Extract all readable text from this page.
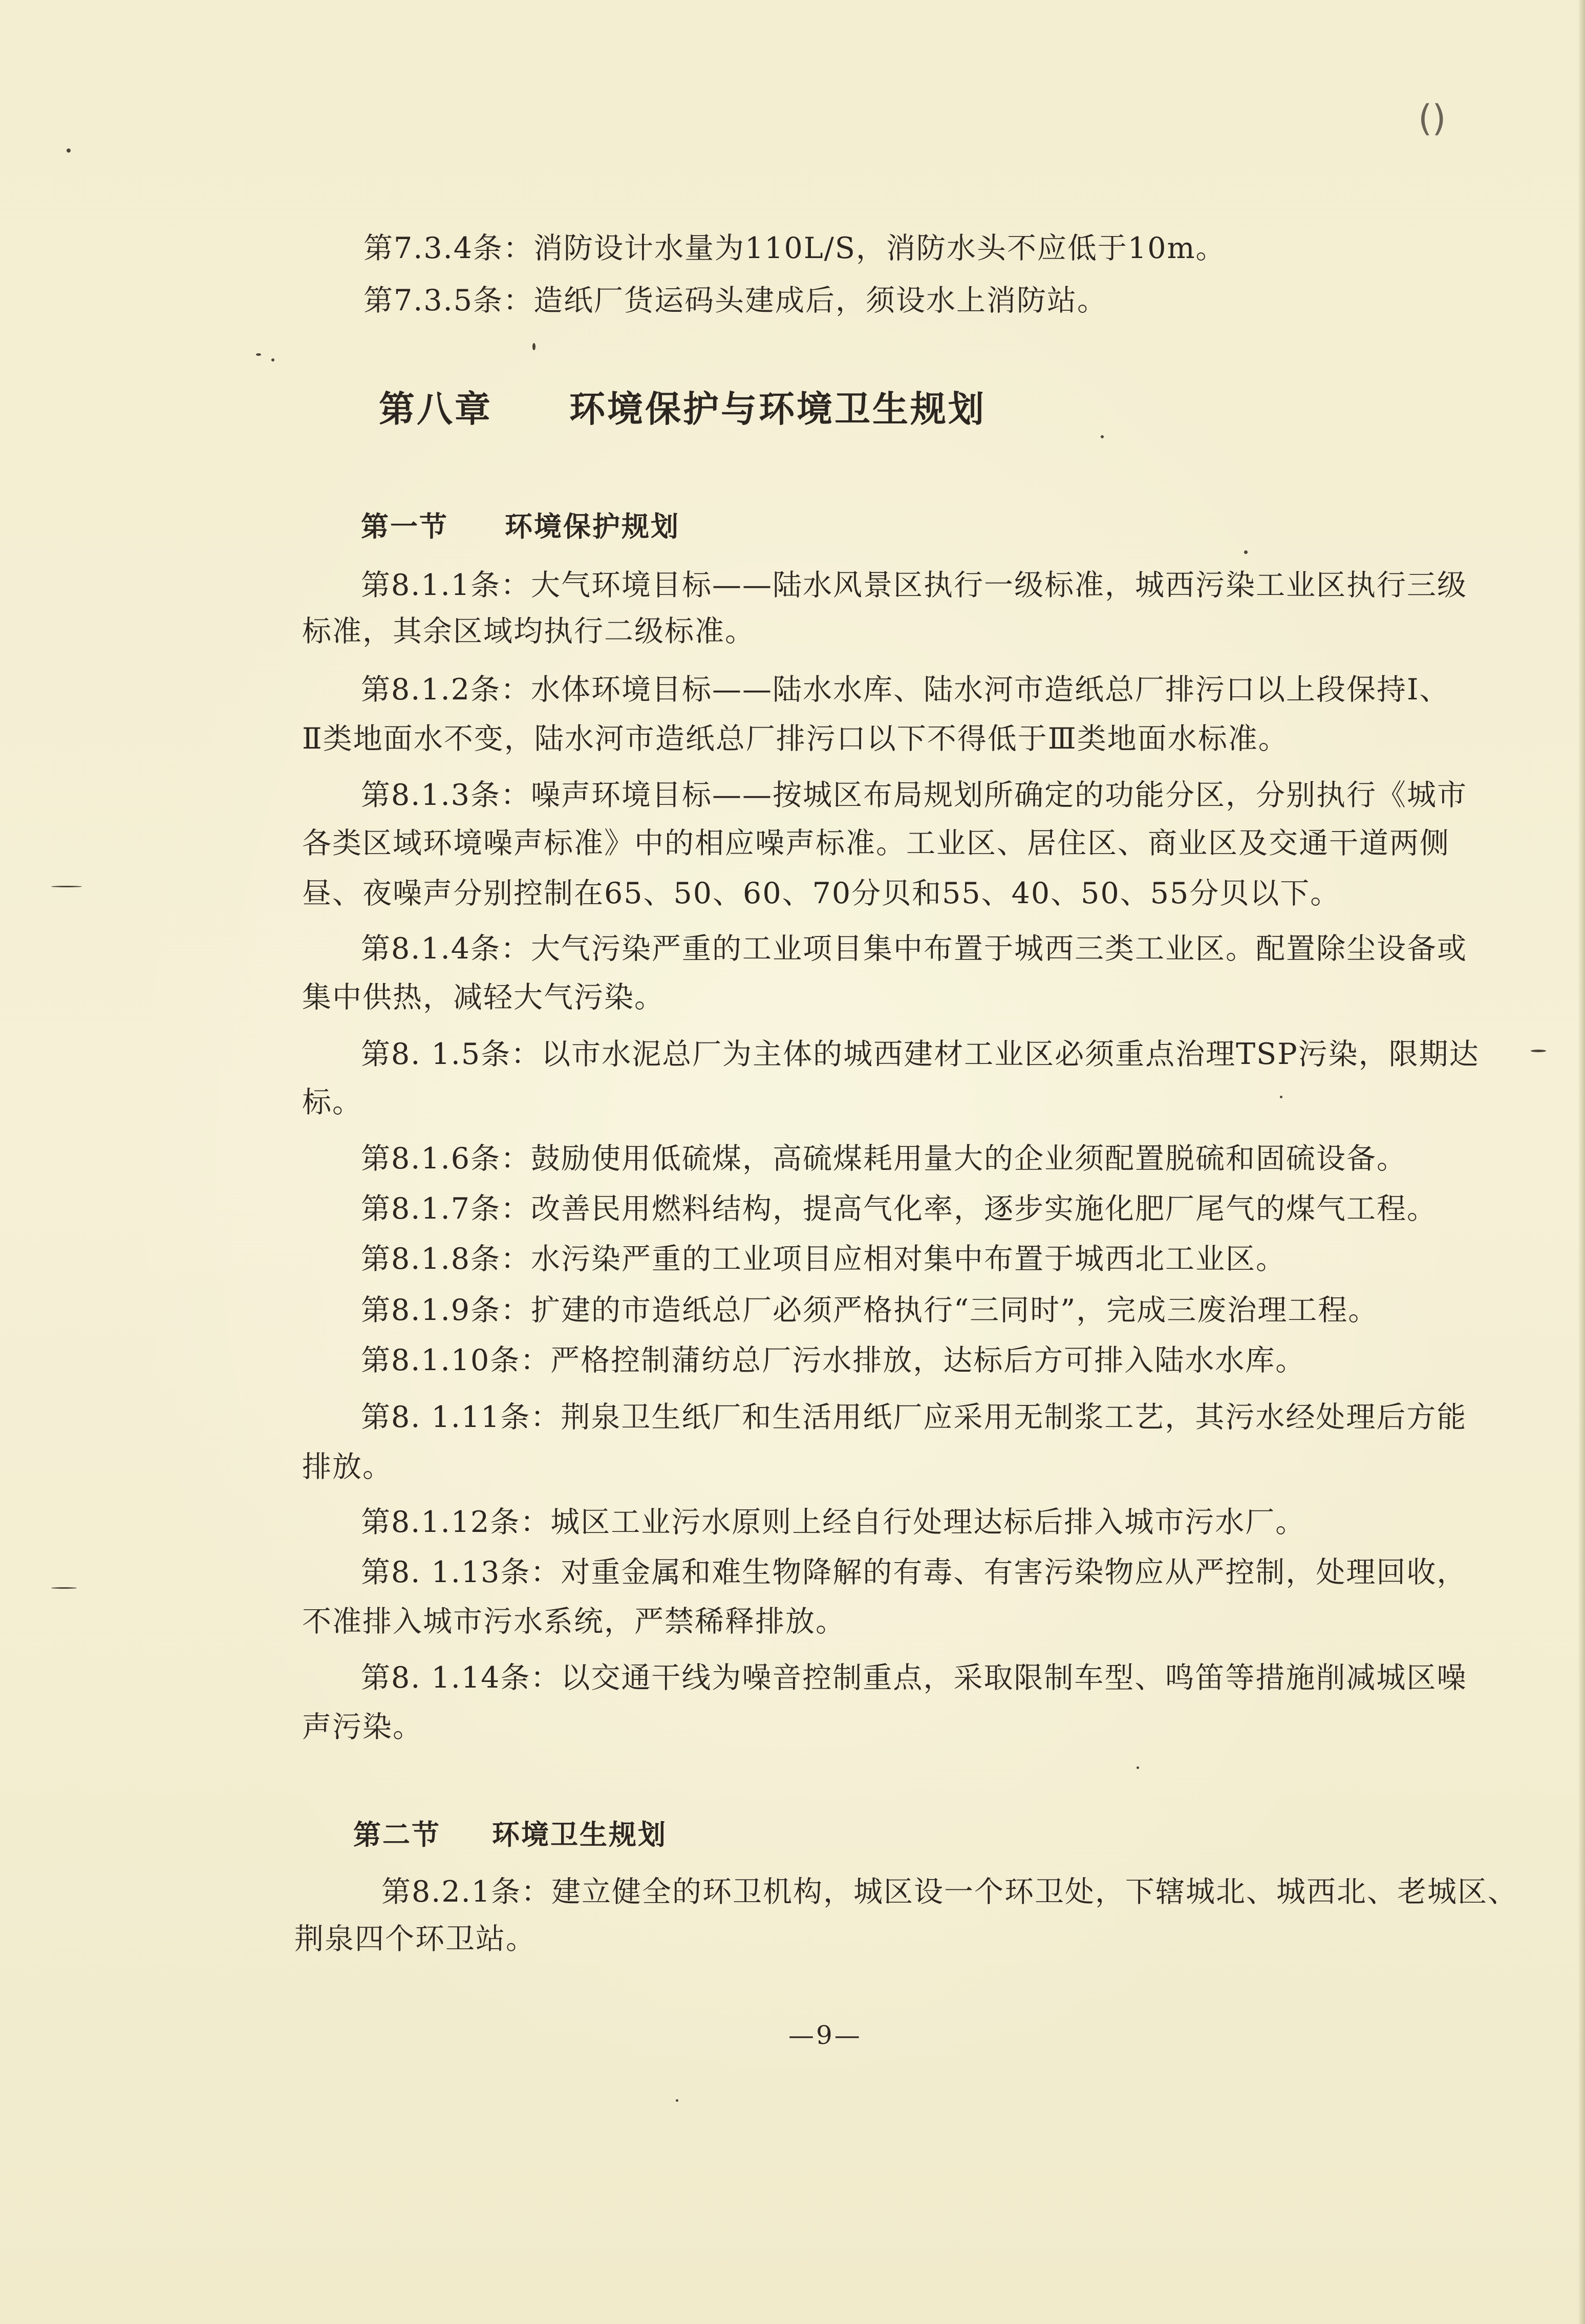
()
第7.3.4条：消防设计水量为110L/S，消防水头不应低于10m。
第7.3.5条：造纸厂货运码头建成后，须设水上消防站。
第八章 环境保护与环境卫生规划
第一节 环境保护规划
第8.1.1条：大气环境目标——陆水风景区执行一级标准，城西污染工业区执行三级
标准，其余区域均执行二级标准。
第8.1.2条：水体环境目标——陆水水库、陆水河市造纸总厂排污口以上段保持Ⅰ、
Ⅱ类地面水不变，陆水河市造纸总厂排污口以下不得低于Ⅲ类地面水标准。
第8.1.3条：噪声环境目标——按城区布局规划所确定的功能分区，分别执行《城市
各类区域环境噪声标准》中的相应噪声标准。工业区、居住区、商业区及交通干道两侧
昼、夜噪声分别控制在65、50、60、70分贝和55、40、50、55分贝以下。
第8.1.4条：大气污染严重的工业项目集中布置于城西三类工业区。配置除尘设备或
集中供热，减轻大气污染。
第8. 1.5条：以市水泥总厂为主体的城西建材工业区必须重点治理TSP污染，限期达
标。
第8.1.6条：鼓励使用低硫煤，高硫煤耗用量大的企业须配置脱硫和固硫设备。
第8.1.7条：改善民用燃料结构，提高气化率，逐步实施化肥厂尾气的煤气工程。
第8.1.8条：水污染严重的工业项目应相对集中布置于城西北工业区。
第8.1.9条：扩建的市造纸总厂必须严格执行“三同时”，完成三废治理工程。
第8.1.10条：严格控制蒲纺总厂污水排放，达标后方可排入陆水水库。
第8. 1.11条：荆泉卫生纸厂和生活用纸厂应采用无制浆工艺，其污水经处理后方能
排放。
第8.1.12条：城区工业污水原则上经自行处理达标后排入城市污水厂。
第8. 1.13条：对重金属和难生物降解的有毒、有害污染物应从严控制，处理回收，
不准排入城市污水系统，严禁稀释排放。
第8. 1.14条：以交通干线为噪音控制重点，采取限制车型、鸣笛等措施削减城区噪
声污染。
第二节 环境卫生规划
第8.2.1条：建立健全的环卫机构，城区设一个环卫处，下辖城北、城西北、老城区、
荆泉四个环卫站。
—9—
